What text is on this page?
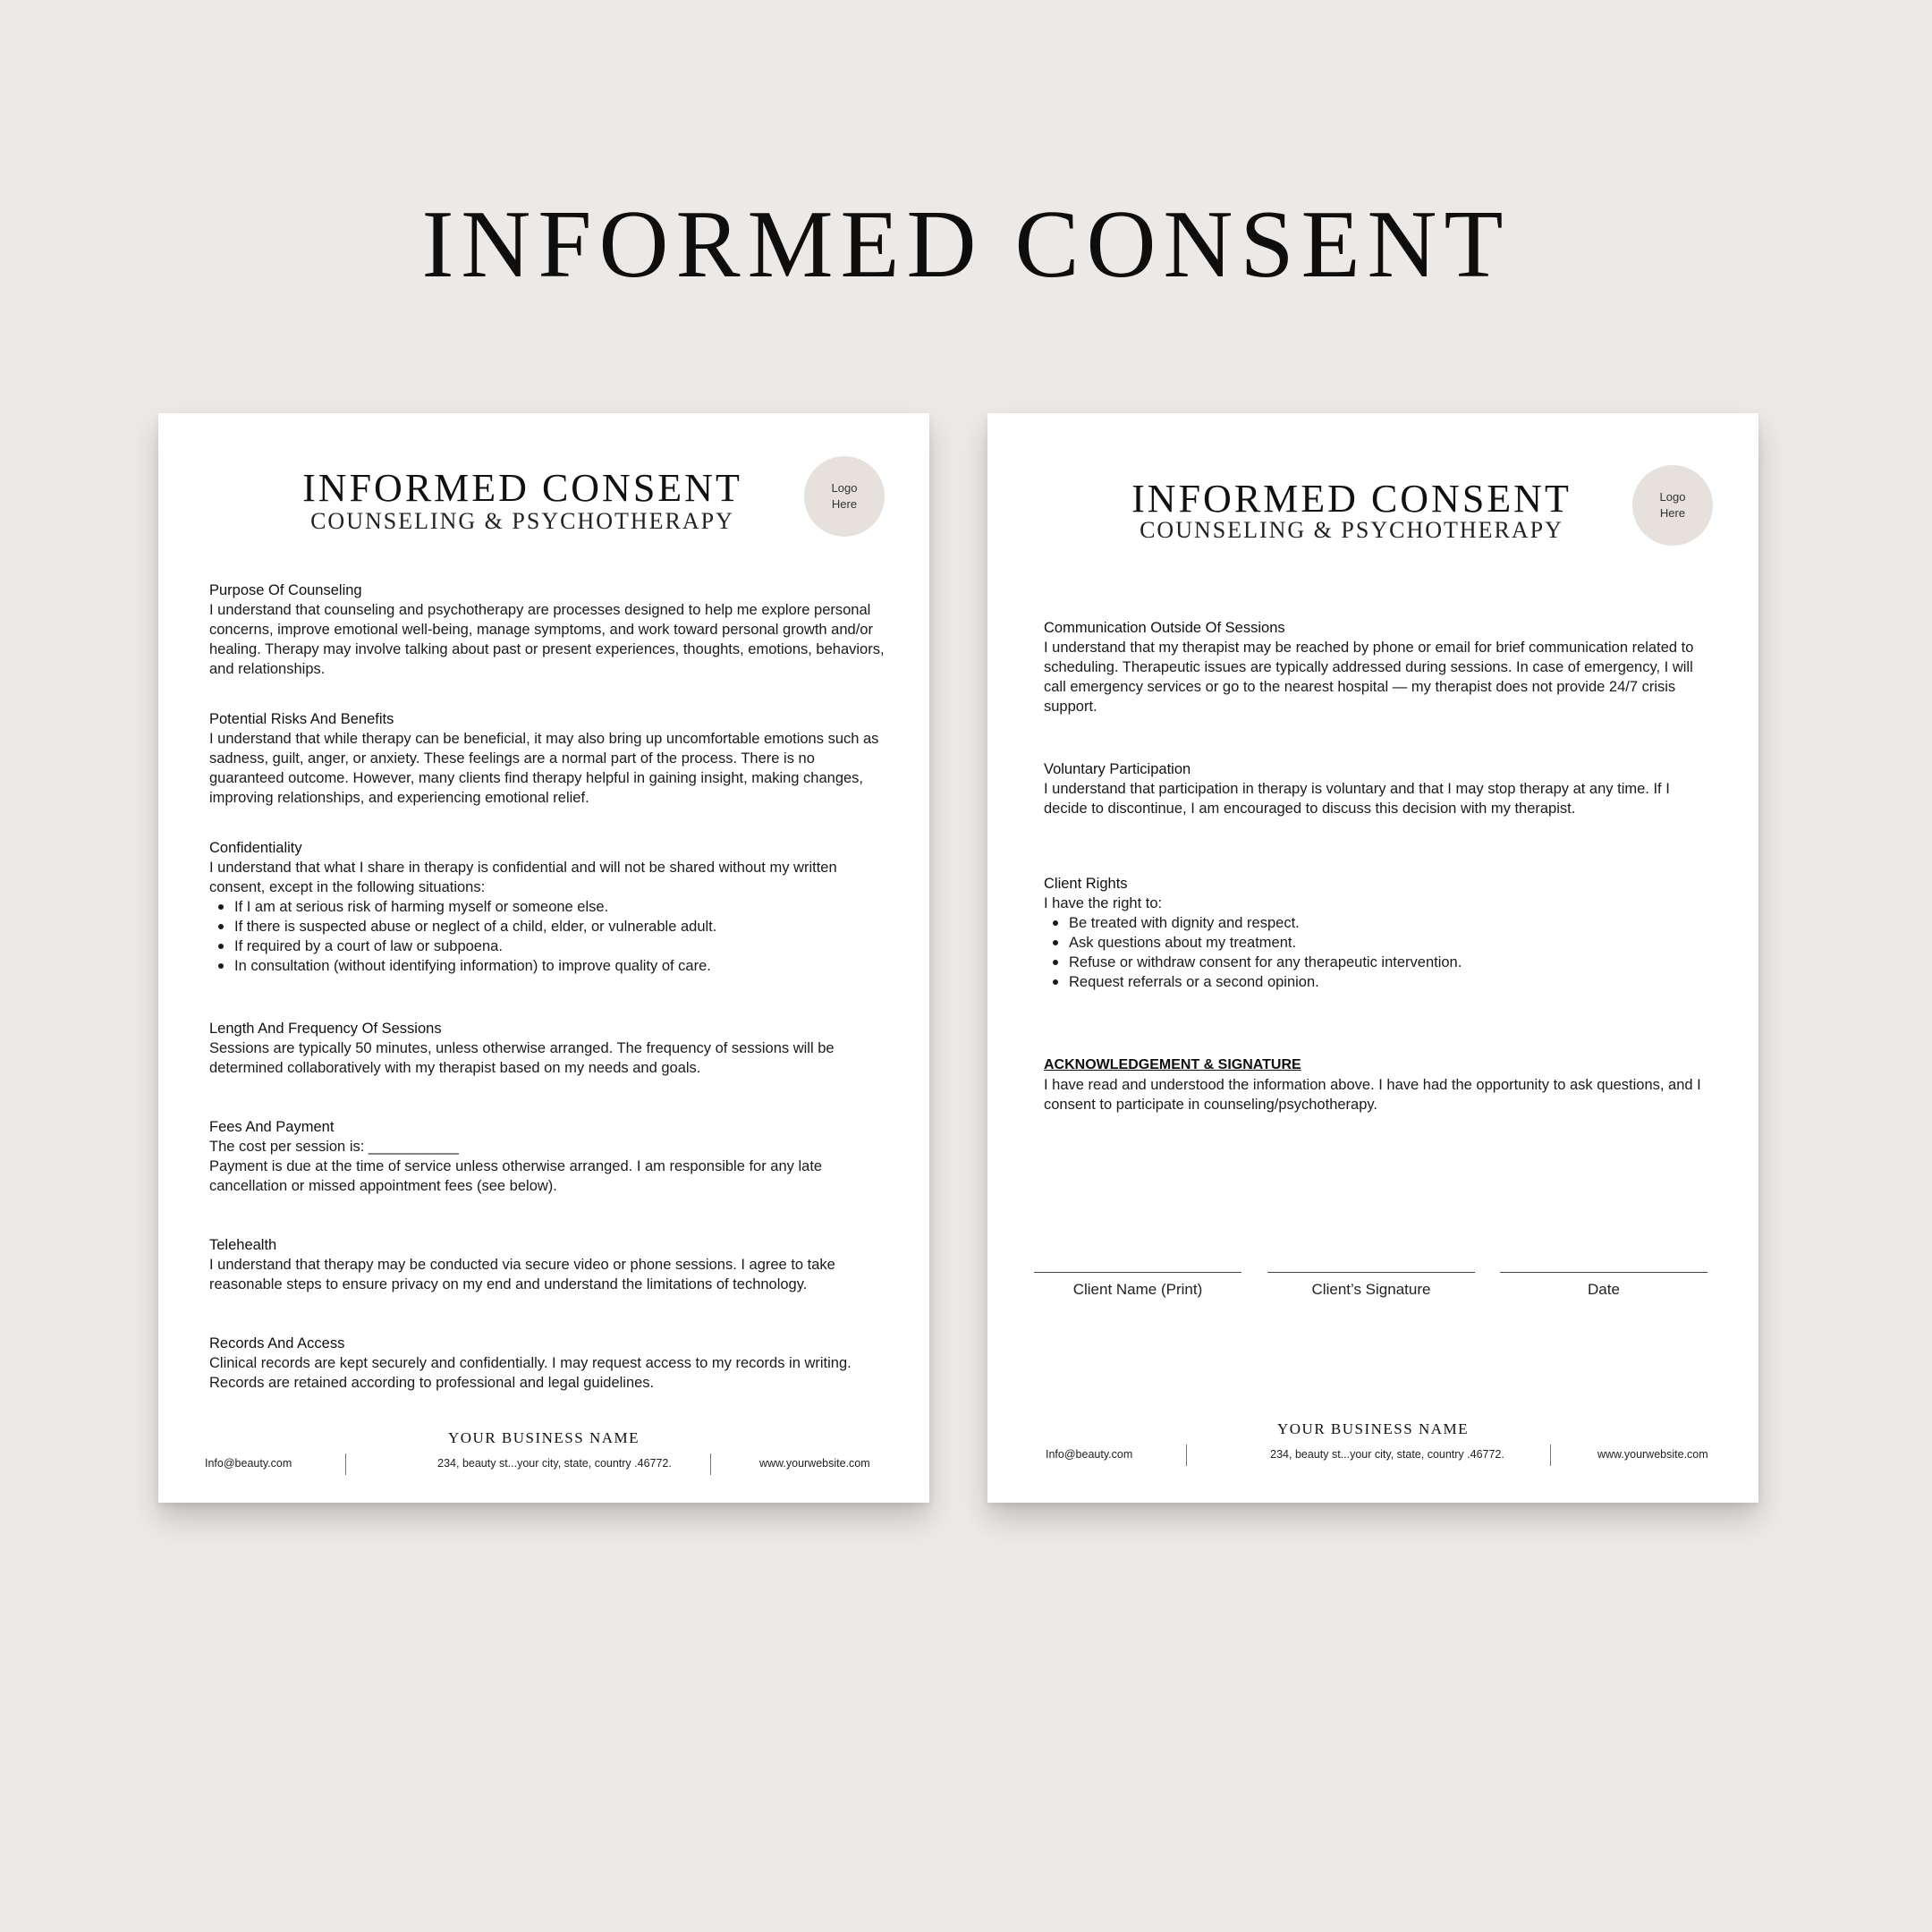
INFORMED CONSENT
INFORMED CONSENT
COUNSELING & PSYCHOTHERAPY
Logo
Here
Purpose Of Counseling
I understand that counseling and psychotherapy are processes designed to help me explore personal concerns, improve emotional well-being, manage symptoms, and work toward personal growth and/or healing. Therapy may involve talking about past or present experiences, thoughts, emotions, behaviors, and relationships.
Potential Risks And Benefits
I understand that while therapy can be beneficial, it may also bring up uncomfortable emotions such as sadness, guilt, anger, or anxiety. These feelings are a normal part of the process. There is no guaranteed outcome. However, many clients find therapy helpful in gaining insight, making changes, improving relationships, and experiencing emotional relief.
Confidentiality
I understand that what I share in therapy is confidential and will not be shared without my written consent, except in the following situations:
If I am at serious risk of harming myself or someone else.
If there is suspected abuse or neglect of a child, elder, or vulnerable adult.
If required by a court of law or subpoena.
In consultation (without identifying information) to improve quality of care.
Length And Frequency Of Sessions
Sessions are typically 50 minutes, unless otherwise arranged. The frequency of sessions will be determined collaboratively with my therapist based on my needs and goals.
Fees And Payment
The cost per session is: ___________
Payment is due at the time of service unless otherwise arranged. I am responsible for any late cancellation or missed appointment fees (see below).
Telehealth
I understand that therapy may be conducted via secure video or phone sessions. I agree to take reasonable steps to ensure privacy on my end and understand the limitations of technology.
Records And Access
Clinical records are kept securely and confidentially. I may request access to my records in writing. Records are retained according to professional and legal guidelines.
YOUR BUSINESS NAME
Info@beauty.com	234, beauty st...your city, state, country .46772.	www.yourwebsite.com
INFORMED CONSENT
COUNSELING & PSYCHOTHERAPY
Logo
Here
Communication Outside Of Sessions
I understand that my therapist may be reached by phone or email for brief communication related to scheduling. Therapeutic issues are typically addressed during sessions. In case of emergency, I will call emergency services or go to the nearest hospital — my therapist does not provide 24/7 crisis support.
Voluntary Participation
I understand that participation in therapy is voluntary and that I may stop therapy at any time. If I decide to discontinue, I am encouraged to discuss this decision with my therapist.
Client Rights
I have the right to:
Be treated with dignity and respect.
Ask questions about my treatment.
Refuse or withdraw consent for any therapeutic intervention.
Request referrals or a second opinion.
ACKNOWLEDGEMENT & SIGNATURE
I have read and understood the information above. I have had the opportunity to ask questions, and I consent to participate in counseling/psychotherapy.
Client Name (Print)	Client’s Signature	Date
YOUR BUSINESS NAME
Info@beauty.com	234, beauty st...your city, state, country .46772.	www.yourwebsite.com
